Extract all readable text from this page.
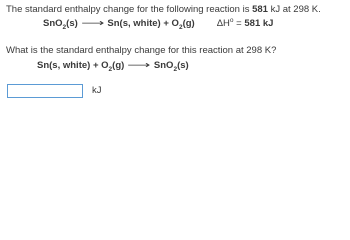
The standard enthalpy change for the following reaction is 581 kJ at 298 K.
SnO$_2$(s) ⟶ Sn(s, white) + $O_2(g) \Delta H^o = 581$ kJ
What is the standard enthalpy change for this reaction at 298 K?
Sn(s, white) + $O_2(g)$ ⟶ SnO$_2$(s)
kJ
